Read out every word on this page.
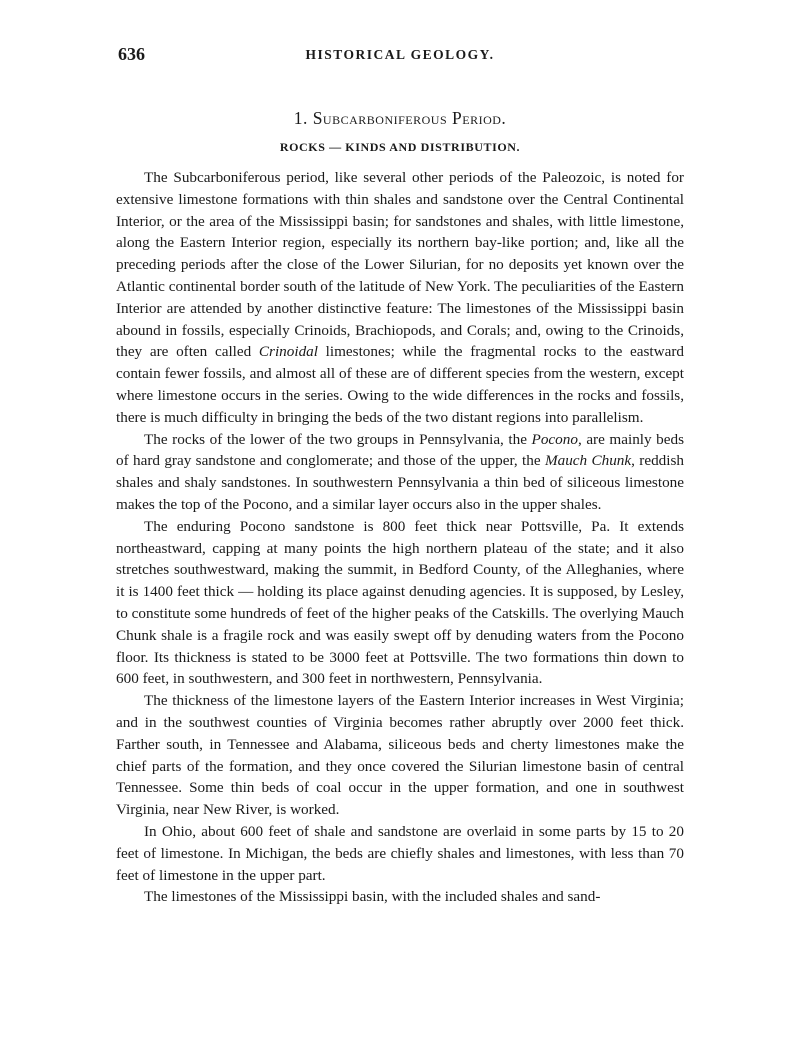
636	HISTORICAL GEOLOGY.
1. Subcarboniferous Period.
ROCKS — KINDS AND DISTRIBUTION.

The Subcarboniferous period, like several other periods of the Paleozoic, is noted for extensive limestone formations with thin shales and sandstone over the Central Continental Interior, or the area of the Mississippi basin; for sandstones and shales, with little limestone, along the Eastern Interior region, especially its northern bay-like portion; and, like all the preceding periods after the close of the Lower Silurian, for no deposits yet known over the Atlantic continental border south of the latitude of New York. The peculiarities of the Eastern Interior are attended by another distinctive feature: The limestones of the Mississippi basin abound in fossils, especially Crinoids, Brachiopods, and Corals; and, owing to the Crinoids, they are often called Crinoidal limestones; while the fragmental rocks to the eastward contain fewer fossils, and almost all of these are of different species from the western, except where limestone occurs in the series. Owing to the wide differences in the rocks and fossils, there is much difficulty in bringing the beds of the two distant regions into parallelism.

The rocks of the lower of the two groups in Pennsylvania, the Pocono, are mainly beds of hard gray sandstone and conglomerate; and those of the upper, the Mauch Chunk, reddish shales and shaly sandstones. In southwestern Pennsylvania a thin bed of siliceous limestone makes the top of the Pocono, and a similar layer occurs also in the upper shales.

The enduring Pocono sandstone is 800 feet thick near Pottsville, Pa. It extends northeastward, capping at many points the high northern plateau of the state; and it also stretches southwestward, making the summit, in Bedford County, of the Alleghanies, where it is 1400 feet thick — holding its place against denuding agencies. It is supposed, by Lesley, to constitute some hundreds of feet of the higher peaks of the Catskills. The overlying Mauch Chunk shale is a fragile rock and was easily swept off by denuding waters from the Pocono floor. Its thickness is stated to be 3000 feet at Pottsville. The two formations thin down to 600 feet, in southwestern, and 300 feet in northwestern, Pennsylvania.

The thickness of the limestone layers of the Eastern Interior increases in West Virginia; and in the southwest counties of Virginia becomes rather abruptly over 2000 feet thick. Farther south, in Tennessee and Alabama, siliceous beds and cherty limestones make the chief parts of the formation, and they once covered the Silurian limestone basin of central Tennessee. Some thin beds of coal occur in the upper formation, and one in southwest Virginia, near New River, is worked.

In Ohio, about 600 feet of shale and sandstone are overlaid in some parts by 15 to 20 feet of limestone. In Michigan, the beds are chiefly shales and limestones, with less than 70 feet of limestone in the upper part.

The limestones of the Mississippi basin, with the included shales and sand-
